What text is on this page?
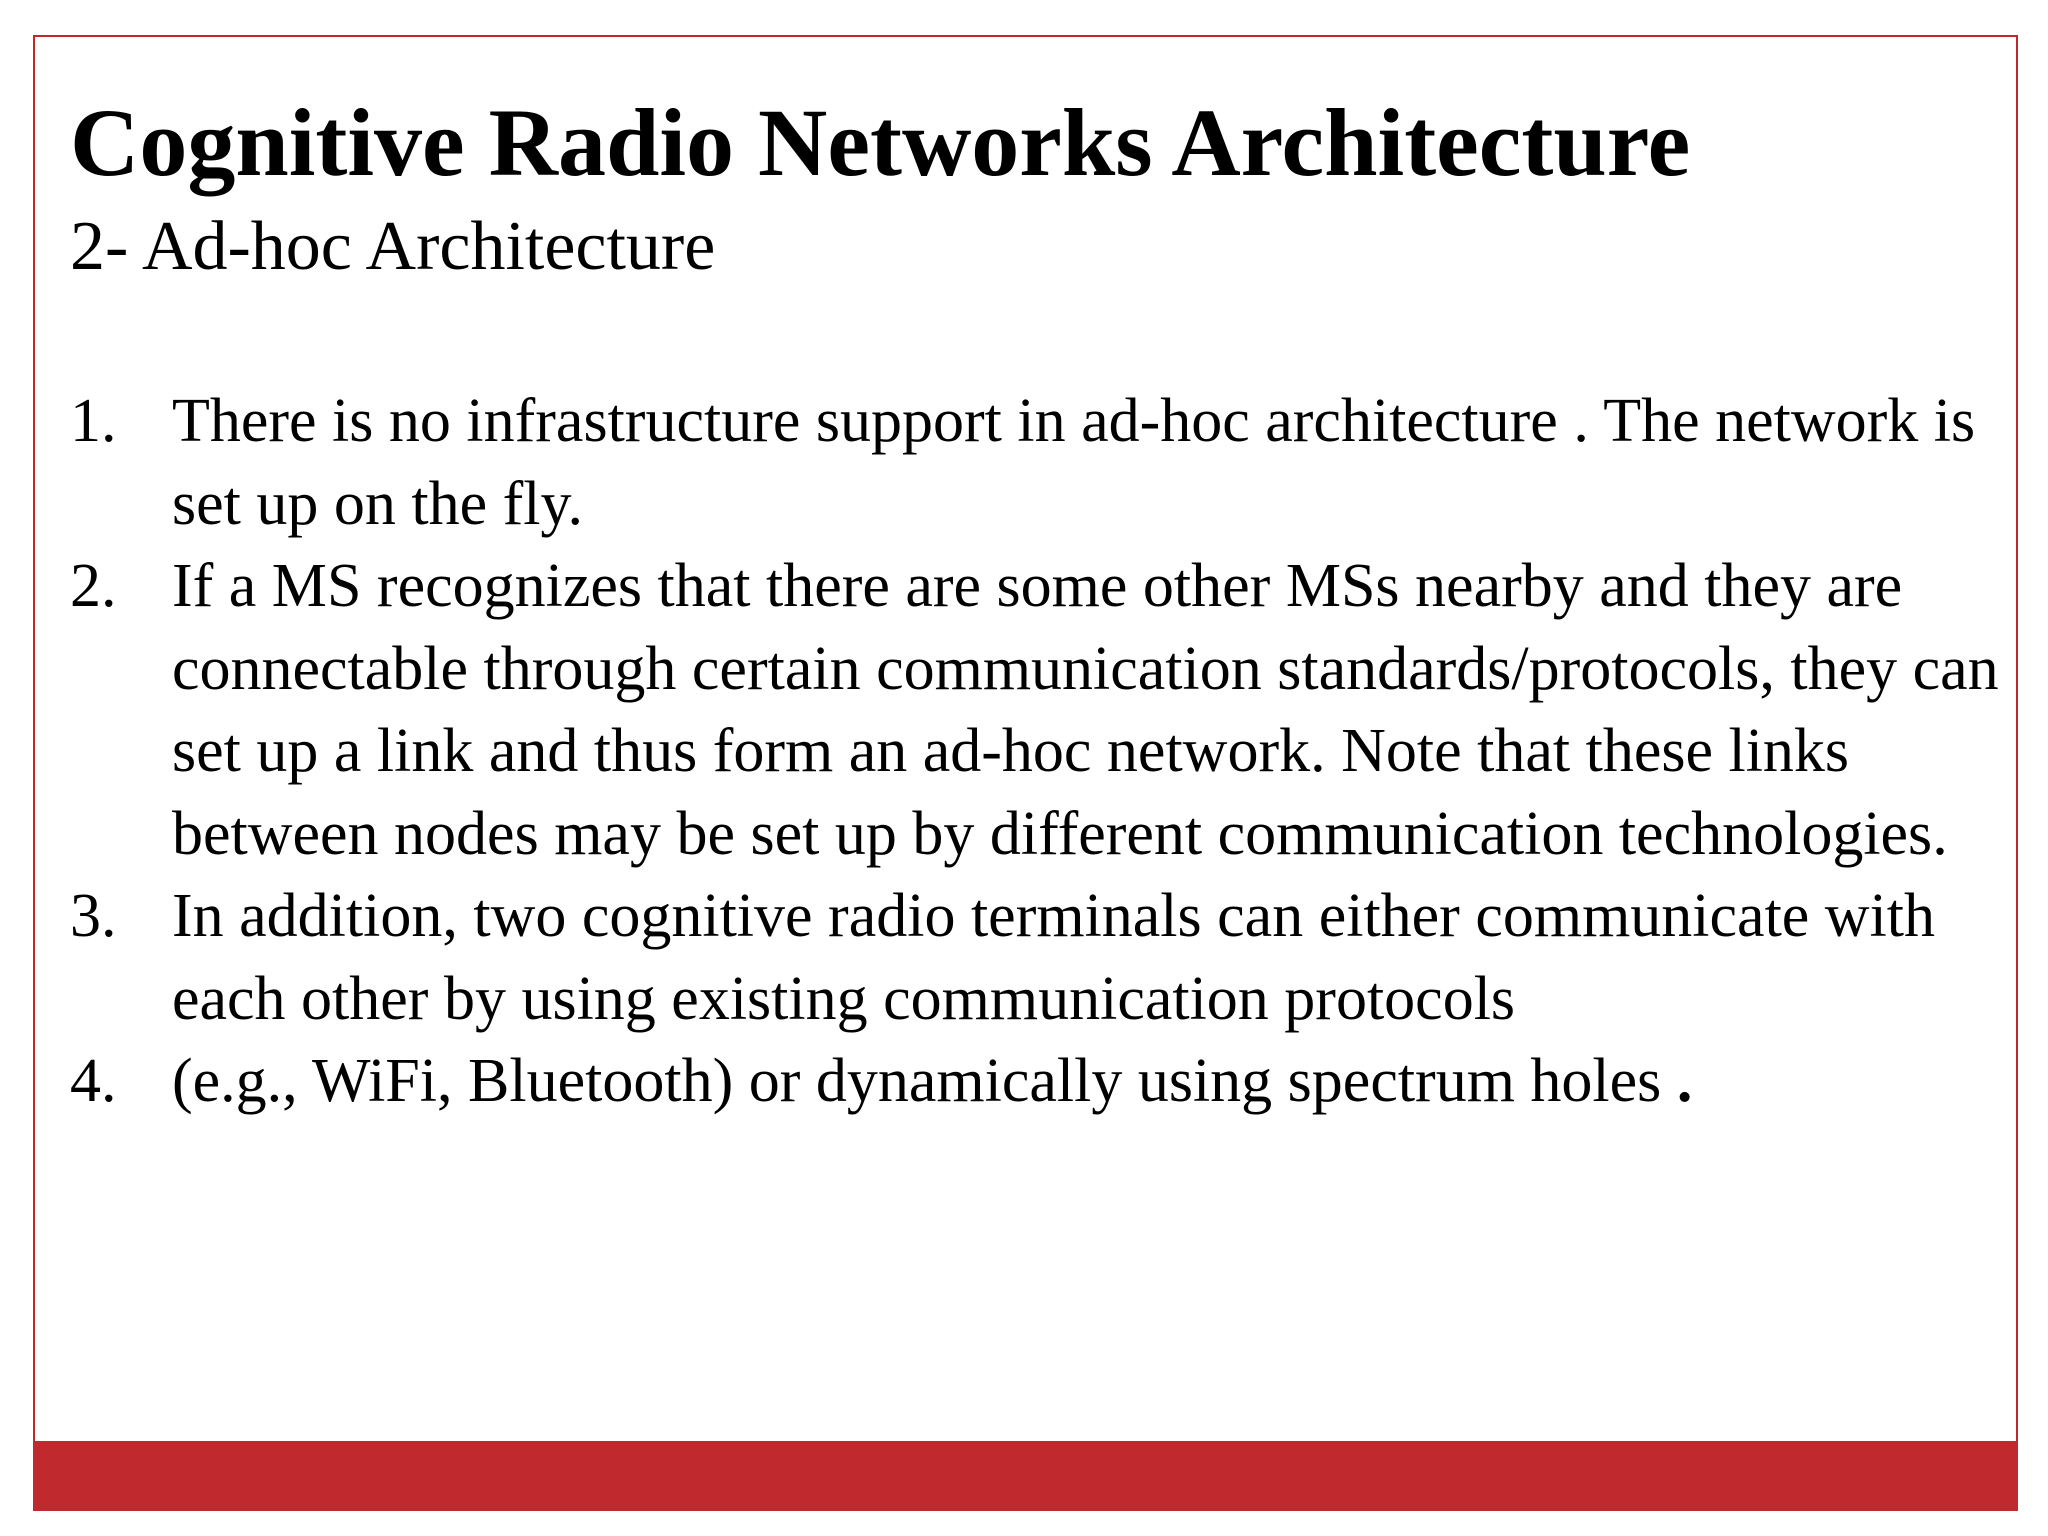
Cognitive Radio Networks Architecture
2- Ad-hoc Architecture
1. There is no infrastructure support in ad-hoc architecture . The network is set up on the fly.
2. If a MS recognizes that there are some other MSs nearby and they are connectable through certain communication standards/protocols, they can set up a link and thus form an ad-hoc network. Note that these links between nodes may be set up by different communication technologies.
3. In addition, two cognitive radio terminals can either communicate with each other by using existing communication protocols
4. (e.g., WiFi, Bluetooth) or dynamically using spectrum holes .
